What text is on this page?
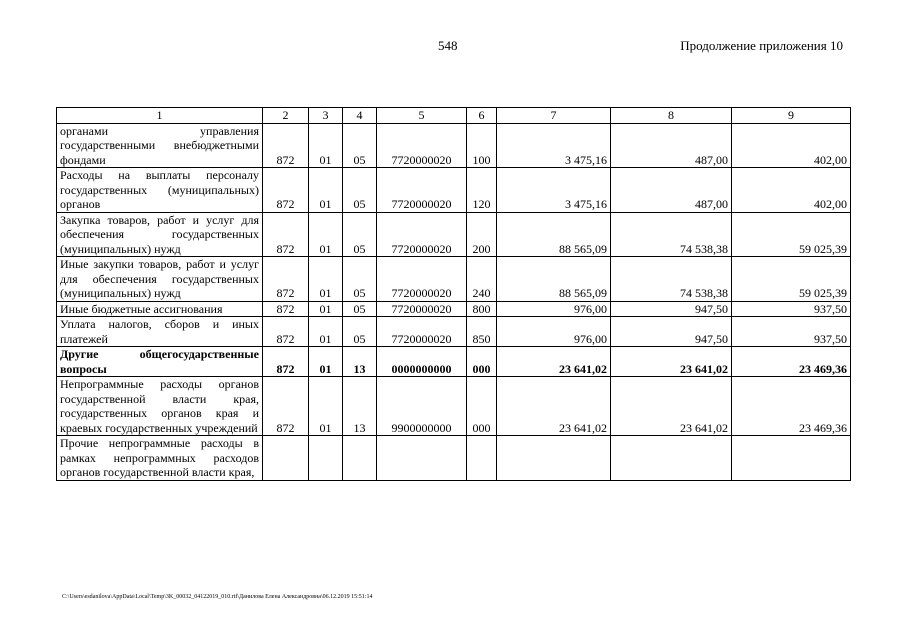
548	Продолжение приложения 10
1	2	3	4	5	6	7	8	9
органами управления государственными внебюджетными фондами	872	01	05	7720000020	100	3 475,16	487,00	402,00
Расходы на выплаты персоналу государственных (муниципальных) органов	872	01	05	7720000020	120	3 475,16	487,00	402,00
Закупка товаров, работ и услуг для обеспечения государственных (муниципальных) нужд	872	01	05	7720000020	200	88 565,09	74 538,38	59 025,39
Иные закупки товаров, работ и услуг для обеспечения государственных (муниципальных) нужд	872	01	05	7720000020	240	88 565,09	74 538,38	59 025,39
Иные бюджетные ассигнования	872	01	05	7720000020	800	976,00	947,50	937,50
Уплата налогов, сборов и иных платежей	872	01	05	7720000020	850	976,00	947,50	937,50
Другие общегосударственные вопросы	872	01	13	0000000000	000	23 641,02	23 641,02	23 469,36
Непрограммные расходы органов государственной власти края, государственных органов края и краевых государственных учреждений	872	01	13	9900000000	000	23 641,02	23 641,02	23 469,36
Прочие непрограммные расходы в рамках непрограммных расходов органов государственной власти края,								
C:\Users\esdanilova\AppData\Local\Temp\3K_00032_04122019_010.rtf\Данилова Елена Александровна\06.12.2019 15:51:14
